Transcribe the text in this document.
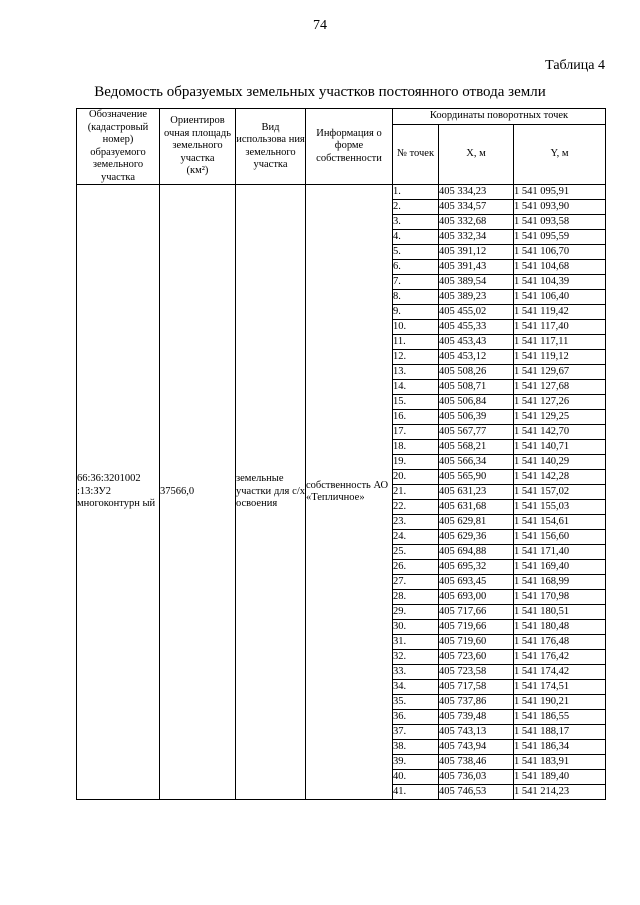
74
Таблица 4
Ведомость образуемых земельных участков постоянного отвода земли
Обозначение (кадастровый номер) образуемого земельного участка	Ориентиров очная площадь земельного участка
(км²)	Вид использова ния земельного участка	Информация о форме собственности	Координаты поворотных точек		
				№ точек	X, м	Y, м
66:36:3201002 :13:ЗУ2 многоконтурн ый	37566,0	земельные участки для с/х освоения	собственность АО «Тепличное»	1.	405 334,23	1 541 095,91
				2.	405 334,57	1 541 093,90
				3.	405 332,68	1 541 093,58
				4.	405 332,34	1 541 095,59
				5.	405 391,12	1 541 106,70
				6.	405 391,43	1 541 104,68
				7.	405 389,54	1 541 104,39
				8.	405 389,23	1 541 106,40
				9.	405 455,02	1 541 119,42
				10.	405 455,33	1 541 117,40
				11.	405 453,43	1 541 117,11
				12.	405 453,12	1 541 119,12
				13.	405 508,26	1 541 129,67
				14.	405 508,71	1 541 127,68
				15.	405 506,84	1 541 127,26
				16.	405 506,39	1 541 129,25
				17.	405 567,77	1 541 142,70
				18.	405 568,21	1 541 140,71
				19.	405 566,34	1 541 140,29
				20.	405 565,90	1 541 142,28
				21.	405 631,23	1 541 157,02
				22.	405 631,68	1 541 155,03
				23.	405 629,81	1 541 154,61
				24.	405 629,36	1 541 156,60
				25.	405 694,88	1 541 171,40
				26.	405 695,32	1 541 169,40
				27.	405 693,45	1 541 168,99
				28.	405 693,00	1 541 170,98
				29.	405 717,66	1 541 180,51
				30.	405 719,66	1 541 180,48
				31.	405 719,60	1 541 176,48
				32.	405 723,60	1 541 176,42
				33.	405 723,58	1 541 174,42
				34.	405 717,58	1 541 174,51
				35.	405 737,86	1 541 190,21
				36.	405 739,48	1 541 186,55
				37.	405 743,13	1 541 188,17
				38.	405 743,94	1 541 186,34
				39.	405 738,46	1 541 183,91
				40.	405 736,03	1 541 189,40
				41.	405 746,53	1 541 214,23
